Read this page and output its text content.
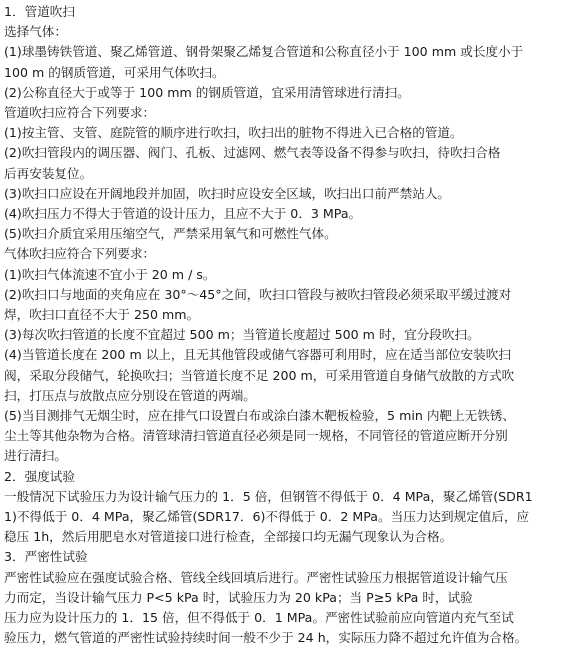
1．管道吹扫
选择气体：
(1)球墨铸铁管道、聚乙烯管道、钢骨架聚乙烯复合管道和公称直径小于 100 mm 或长度小于
100 m 的钢质管道，可采用气体吹扫。
(2)公称直径大于或等于 100 mm 的钢质管道，宜采用清管球进行清扫。
管道吹扫应符合下列要求：
(1)按主管、支管、庭院管的顺序进行吹扫，吹扫出的脏物不得进入已合格的管道。
(2)吹扫管段内的调压器、阀门、孔板、过滤网、燃气表等设备不得参与吹扫，待吹扫合格
后再安装复位。
(3)吹扫口应设在开阔地段并加固，吹扫时应设安全区域，吹扫出口前严禁站人。
(4)吹扫压力不得大于管道的设计压力，且应不大于 0．3 MPa。
(5)吹扫介质宜采用压缩空气，严禁采用氧气和可燃性气体。
气体吹扫应符合下列要求：
(1)吹扫气体流速不宜小于 20 m / s。
(2)吹扫口与地面的夹角应在 30°～45°之间，吹扫口管段与被吹扫管段必须采取平缓过渡对
焊，吹扫口直径不大于 250 mm。
(3)每次吹扫管道的长度不宜超过 500 m；当管道长度超过 500 m 时，宜分段吹扫。
(4)当管道长度在 200 m 以上，且无其他管段或储气容器可利用时，应在适当部位安装吹扫
阀，采取分段储气，轮换吹扫；当管道长度不足 200 m，可采用管道自身储气放散的方式吹
扫，打压点与放散点应分别设在管道的两端。
(5)当目测排气无烟尘时，应在排气口设置白布或涂白漆木靶板检验，5 min 内靶上无铁锈、
尘土等其他杂物为合格。清管球清扫管道直径必须是同一规格，不同管径的管道应断开分别
进行清扫。
2．强度试验
一般情况下试验压力为设计输气压力的 1．5 倍，但钢管不得低于 0．4 MPa，聚乙烯管(SDR1
1)不得低于 0．4 MPa，聚乙烯管(SDR17．6)不得低于 0．2 MPa。当压力达到规定值后，应
稳压 1h，然后用肥皂水对管道接口进行检查，全部接口均无漏气现象认为合格。
3．严密性试验
严密性试验应在强度试验合格、管线全线回填后进行。严密性试验压力根据管道设计输气压
力而定，当设计输气压力 P<5 kPa 时，试验压力为 20 kPa；当 P≥5 kPa 时，试验
压力应为设计压力的 1．15 倍，但不得低于 0．1 MPa。严密性试验前应向管道内充气至试
验压力，燃气管道的严密性试验持续时间一般不少于 24 h，实际压力降不超过允许值为合格。
